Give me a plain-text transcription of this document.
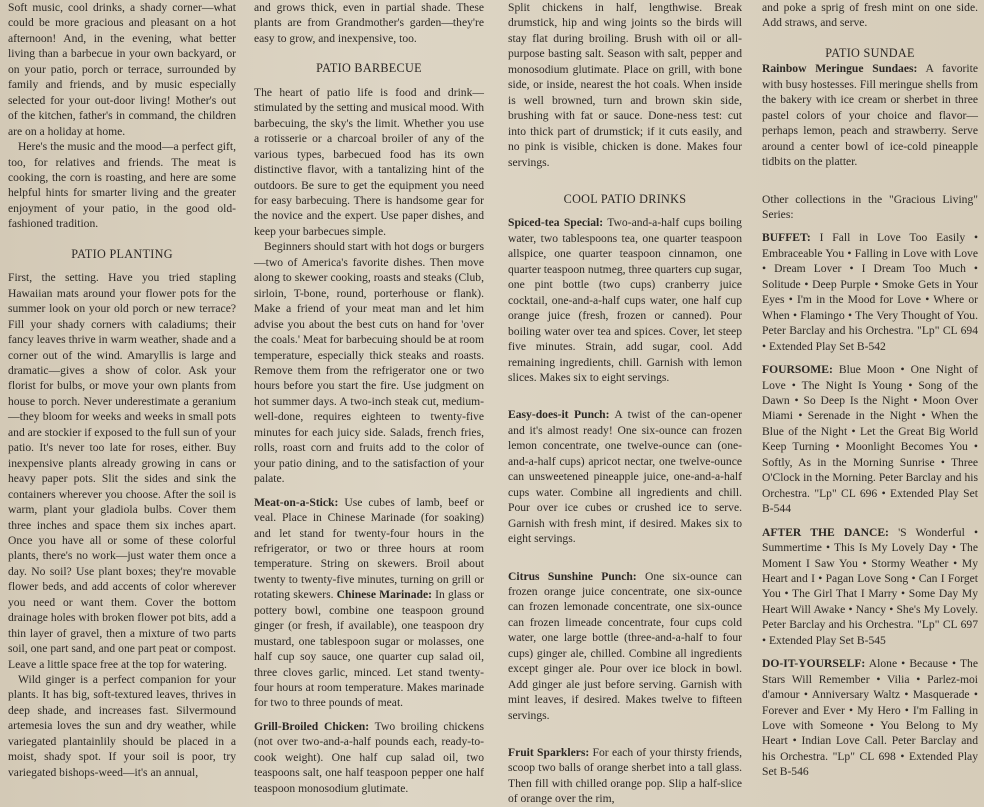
Soft music, cool drinks, a shady corner—what could be more gracious and pleasant on a hot afternoon! And, in the evening, what better living than a barbecue in your own backyard, or on your patio, porch or terrace, surrounded by family and friends, and by music especially selected for your out-door living! Mother's out of the kitchen, father's in command, the children are on a holiday at home.

Here's the music and the mood—a perfect gift, too, for relatives and friends. The meat is cooking, the corn is roasting, and here are some helpful hints for smarter living and the greater enjoyment of your patio, in the good old-fashioned tradition.

PATIO PLANTING

First, the setting. Have you tried stapling Hawaiian mats around your flower pots for the summer look on your old porch or new terrace? Fill your shady corners with caladiums; their fancy leaves thrive in warm weather, shade and a corner out of the wind. Amaryllis is large and dramatic—gives a show of color. Ask your florist for bulbs, or move your own plants from house to porch. Never underestimate a geranium—they bloom for weeks and weeks in small pots and are stockier if exposed to the full sun of your patio. It's never too late for roses, either. Buy inexpensive plants already growing in cans or heavy paper pots. Slit the sides and sink the containers wherever you choose. After the soil is warm, plant your gladiola bulbs. Cover them three inches and space them six inches apart. Once you have all or some of these colorful plants, there's no work—just water them once a day. No soil? Use plant boxes; they're movable flower beds, and add accents of color wherever you need or want them. Cover the bottom drainage holes with broken flower pot bits, add a thin layer of gravel, then a mixture of two parts soil, one part sand, and one part peat or compost. Leave a little space free at the top for watering.

Wild ginger is a perfect companion for your plants. It has big, soft-textured leaves, thrives in deep shade, and increases fast. Silvermound artemesia loves the sun and dry weather, while variegated plantainlily should be placed in a moist, shady spot. If your soil is poor, try variegated bishops-weed—it's an annual,

and grows thick, even in partial shade. These plants are from Grandmother's garden—they're easy to grow, and inexpensive, too.

PATIO BARBECUE

The heart of patio life is food and drink—stimulated by the setting and musical mood. With barbecuing, the sky's the limit. Whether you use a rotisserie or a charcoal broiler of any of the various types, barbecued food has its own distinctive flavor, with a tantalizing hint of the outdoors. Be sure to get the equipment you need for easy barbecuing. There is handsome gear for the novice and the expert. Use paper dishes, and keep your barbecues simple.

Beginners should start with hot dogs or burgers—two of America's favorite dishes. Then move along to skewer cooking, roasts and steaks (Club, sirloin, T-bone, round, porterhouse or flank). Make a friend of your meat man and let him advise you about the best cuts on hand for 'over the coals.' Meat for barbecuing should be at room temperature, especially thick steaks and roasts. Remove them from the refrigerator one or two hours before you start the fire. Use judgment on hot summer days. A two-inch steak cut, medium-well-done, requires eighteen to twenty-five minutes for each juicy side. Salads, french fries, rolls, roast corn and fruits add to the color of your patio dining, and to the satisfaction of your palate.

Meat-on-a-Stick: Use cubes of lamb, beef or veal. Place in Chinese Marinade (for soaking) and let stand for twenty-four hours in the refrigerator, or two or three hours at room temperature. String on skewers. Broil about twenty to twenty-five minutes, turning on grill or rotating skewers. Chinese Marinade: In glass or pottery bowl, combine one teaspoon ground ginger (or fresh, if available), one teaspoon dry mustard, one tablespoon sugar or molasses, one half cup soy sauce, one quarter cup salad oil, three cloves garlic, minced. Let stand twenty-four hours at room temperature. Makes marinade for two to three pounds of meat.

Grill-Broiled Chicken: Two broiling chickens (not over two-and-a-half pounds each, ready-to-cook weight). One half cup salad oil, two teaspoons salt, one half teaspoon pepper one half teaspoon monosodium glutimate.

Split chickens in half, lengthwise. Break drumstick, hip and wing joints so the birds will stay flat during broiling. Brush with oil or all-purpose basting salt. Season with salt, pepper and monosodium glutimate. Place on grill, with bone side, or inside, nearest the hot coals. When inside is well browned, turn and brown skin side, brushing with fat or sauce. Done-ness test: cut into thick part of drumstick; if it cuts easily, and no pink is visible, chicken is done. Makes four servings.

COOL PATIO DRINKS

Spiced-tea Special: Two-and-a-half cups boiling water, two tablespoons tea, one quarter teaspoon allspice, one quarter teaspoon cinnamon, one quarter teaspoon nutmeg, three quarters cup sugar, one pint bottle (two cups) cranberry juice cocktail, one-and-a-half cups water, one half cup orange juice (fresh, frozen or canned). Pour boiling water over tea and spices. Cover, let steep five minutes. Strain, add sugar, cool. Add remaining ingredients, chill. Garnish with lemon slices. Makes six to eight servings.

Easy-does-it Punch: A twist of the can-opener and it's almost ready! One six-ounce can frozen lemon concentrate, one twelve-ounce can (one-and-a-half cups) apricot nectar, one twelve-ounce can unsweetened pineapple juice, one-and-a-half cups water. Combine all ingredients and chill. Pour over ice cubes or crushed ice to serve. Garnish with fresh mint, if desired. Makes six to eight servings.

Citrus Sunshine Punch: One six-ounce can frozen orange juice concentrate, one six-ounce can frozen lemonade concentrate, one six-ounce can frozen limeade concentrate, four cups cold water, one large bottle (three-and-a-half to four cups) ginger ale, chilled. Combine all ingredients except ginger ale. Pour over ice block in bowl. Add ginger ale just before serving. Garnish with mint leaves, if desired. Makes twelve to fifteen servings.

Fruit Sparklers: For each of your thirsty friends, scoop two balls of orange sherbet into a tall glass. Then fill with chilled orange pop. Slip a half-slice of orange over the rim,

and poke a sprig of fresh mint on one side. Add straws, and serve.

PATIO SUNDAE

Rainbow Meringue Sundaes: A favorite with busy hostesses. Fill meringue shells from the bakery with ice cream or sherbet in three pastel colors of your choice and flavor—perhaps lemon, peach and strawberry. Serve around a center bowl of ice-cold pineapple tidbits on the platter.

Other collections in the "Gracious Living" Series:

BUFFET: I Fall in Love Too Easily • Embraceable You • Falling in Love with Love • Dream Lover • I Dream Too Much • Solitude • Deep Purple • Smoke Gets in Your Eyes • I'm in the Mood for Love • Where or When • Flamingo • The Very Thought of You. Peter Barclay and his Orchestra. "Lp" CL 694 • Extended Play Set B-542

FOURSOME: Blue Moon • One Night of Love • The Night Is Young • Song of the Dawn • So Deep Is the Night • Moon Over Miami • Serenade in the Night • When the Blue of the Night • Let the Great Big World Keep Turning • Moonlight Becomes You • Softly, As in the Morning Sunrise • Three O'Clock in the Morning. Peter Barclay and his Orchestra. "Lp" CL 696 • Extended Play Set B-544

AFTER THE DANCE: 'S Wonderful • Summertime • This Is My Lovely Day • The Moment I Saw You • Stormy Weather • My Heart and I • Pagan Love Song • Can I Forget You • The Girl That I Marry • Some Day My Heart Will Awake • Nancy • She's My Lovely. Peter Barclay and his Orchestra. "Lp" CL 697 • Extended Play Set B-545

DO-IT-YOURSELF: Alone • Because • The Stars Will Remember • Vilia • Parlez-moi d'amour • Anniversary Waltz • Masquerade • Forever and Ever • My Hero • I'm Falling in Love with Someone • You Belong to My Heart • Indian Love Call. Peter Barclay and his Orchestra. "Lp" CL 698 • Extended Play Set B-546
